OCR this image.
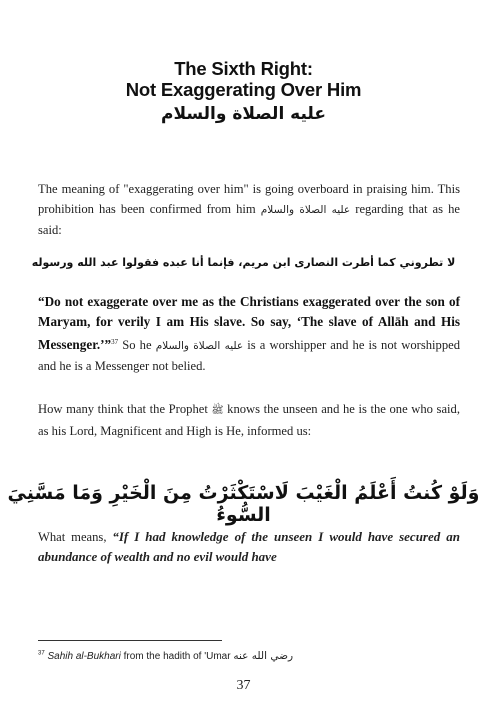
The Sixth Right:
Not Exaggerating Over Him
عليه الصلاة والسلام
The meaning of "exaggerating over him" is going overboard in praising him. This prohibition has been confirmed from him عليه الصلاة والسلام regarding that as he said:
لا تطروني كما أطرت النصارى ابن مريم، فإنما أنا عبده فقولوا عبد الله ورسوله
“Do not exaggerate over me as the Christians exaggerated over the son of Maryam, for verily I am His slave. So say, ‘The slave of Allāh and His Messenger.’”$^{37}$ So he عليه الصلاة والسلام is a worshipper and he is not worshipped and he is a Messenger not belied.
How many think that the Prophet ﷺ knows the unseen and he is the one who said, as his Lord, Magnificent and High is He, informed us:
وَلَوْ كُنتُ أَعْلَمُ الْغَيْبَ لَاسْتَكْثَرْتُ مِنَ الْخَيْرِ وَمَا مَسَّنِيَ السُّوءُ
What means, “If I had knowledge of the unseen I would have secured an abundance of wealth and no evil would have
$^{37}$ Sahih al-Bukhari from the hadith of 'Umar رضي الله عنه
37
